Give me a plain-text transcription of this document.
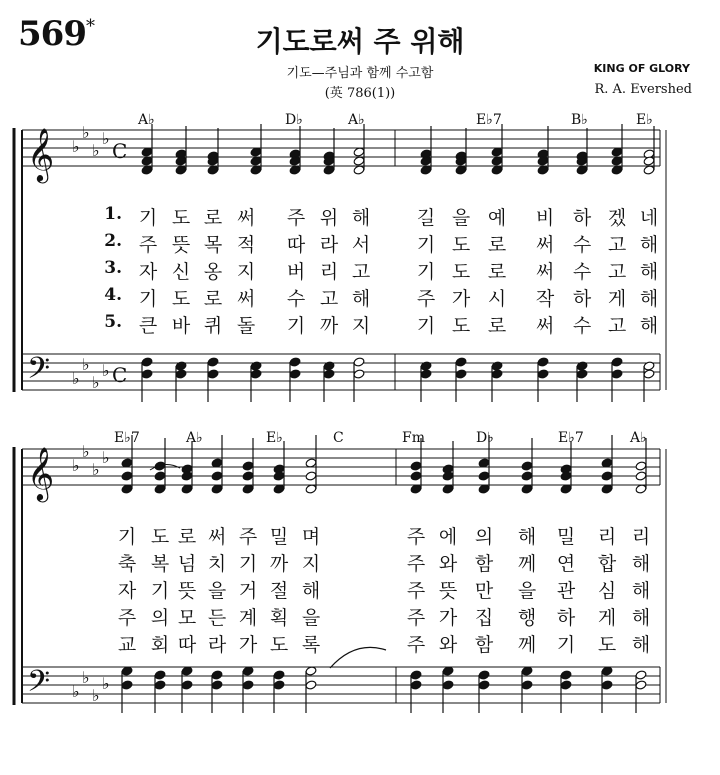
569*	기도로써 주 위해
기도—주님과 함께 수고함
(英 786(1))
KING OF GLORY
R. A. Evershed
A♭	D♭	A♭	E♭7	B♭	E♭
E♭7	A♭	E♭	C	Fm	D♭	E♭7	A♭
𝄞
𝄢
♭
♭
♭
♭
♭
♭
♭
♭
C
C
𝄞
𝄢
♭
♭
♭
♭
♭
♭
♭
♭
1. 기 도 로 써	주 위 해	길 을 예	비 하 겠 네
2. 주 뜻 목 적	따 라 서	기 도 로	써 수 고 해
3. 자 신 옹 지	버 리 고	기 도 로	써 수 고 해
4. 기 도 로 써	수 고 해	주 가 시	작 하 게 해
5. 큰 바 퀴 돌	기 까 지	기 도 로	써 수 고 해
기 도 로 써 주 밀 며	주 에 의	해	밀	리 리
축 복 넘 치 기 까 지	주 와 함	께	연	합 해
자 기 뜻 을 거 절 해	주 뜻 만	을	관	심 해
주 의 모 든 계 획 을	주 가 집	행	하	게 해
교 회 따 라 가 도 록	주 와 함	께	기	도 해
